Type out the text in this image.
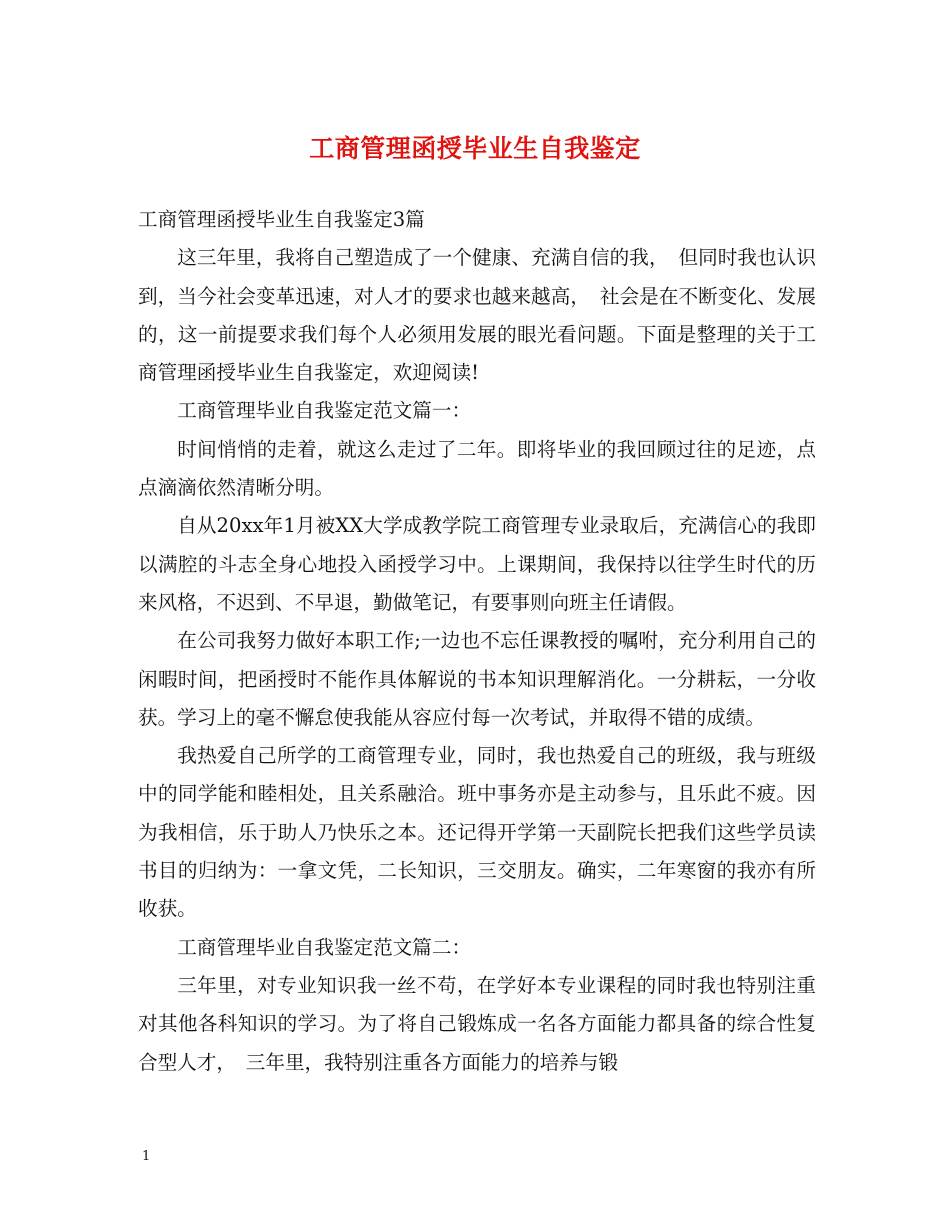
工商管理函授毕业生自我鉴定

工商管理函授毕业生自我鉴定3篇

这三年里，我将自己塑造成了一个健康、充满自信的我，　但同时我也认识到，当今社会变革迅速，对人才的要求也越来越高，　社会是在不断变化、发展的，这一前提要求我们每个人必须用发展的眼光看问题。下面是整理的关于工商管理函授毕业生自我鉴定，欢迎阅读!

工商管理毕业自我鉴定范文篇一：

时间悄悄的走着，就这么走过了二年。即将毕业的我回顾过往的足迹，点点滴滴依然清晰分明。

自从20xx年1月被XX大学成教学院工商管理专业录取后，充满信心的我即以满腔的斗志全身心地投入函授学习中。上课期间，我保持以往学生时代的历来风格，不迟到、不早退，勤做笔记，有要事则向班主任请假。

在公司我努力做好本职工作;一边也不忘任课教授的嘱咐，充分利用自己的闲暇时间，把函授时不能作具体解说的书本知识理解消化。一分耕耘，一分收获。学习上的毫不懈怠使我能从容应付每一次考试，并取得不错的成绩。

我热爱自己所学的工商管理专业，同时，我也热爱自己的班级，我与班级中的同学能和睦相处，且关系融洽。班中事务亦是主动参与，且乐此不疲。因为我相信，乐于助人乃快乐之本。还记得开学第一天副院长把我们这些学员读书目的归纳为：一拿文凭，二长知识，三交朋友。确实，二年寒窗的我亦有所收获。

工商管理毕业自我鉴定范文篇二：

三年里，对专业知识我一丝不苟，在学好本专业课程的同时我也特别注重对其他各科知识的学习。为了将自己锻炼成一名各方面能力都具备的综合性复合型人才，　三年里，我特别注重各方面能力的培养与锻

1
